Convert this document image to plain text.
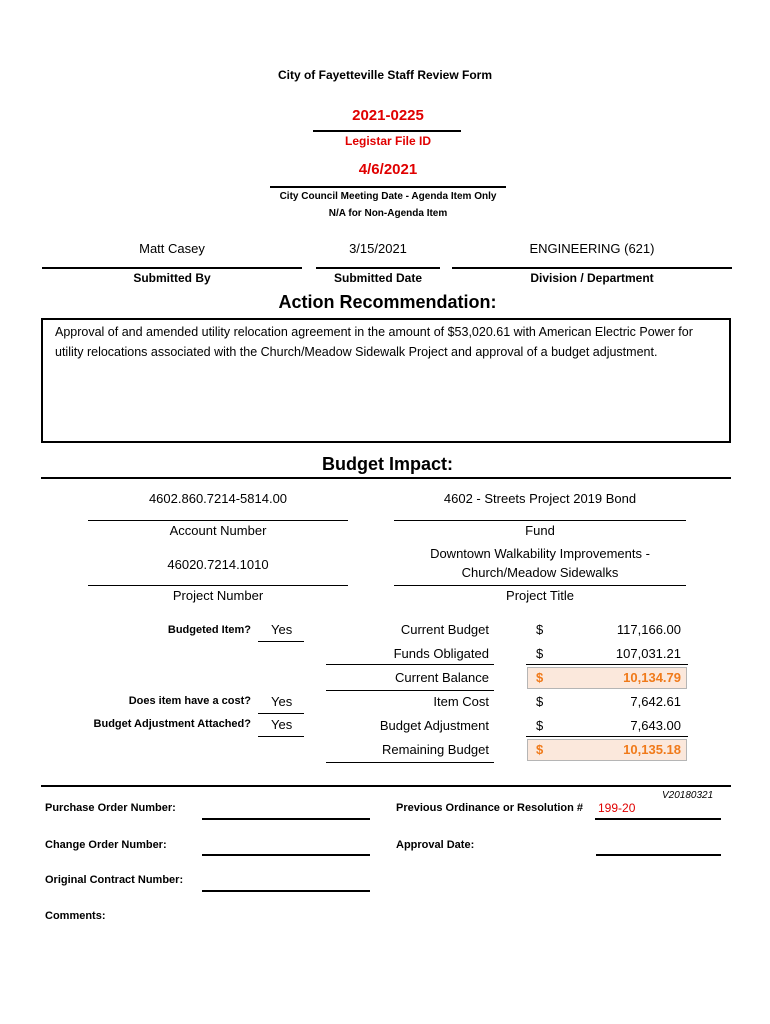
City of Fayetteville Staff Review Form
2021-0225
Legistar File ID
4/6/2021
City Council Meeting Date - Agenda Item Only
N/A for Non-Agenda Item
Matt Casey
Submitted By
3/15/2021
Submitted Date
ENGINEERING (621)
Division / Department
Action Recommendation:
Approval of and amended utility relocation agreement in the amount of $53,020.61 with American Electric Power for utility relocations associated with the Church/Meadow Sidewalk Project and approval of a budget adjustment.
Budget Impact:
4602.860.7214-5814.00
Account Number
4602 - Streets Project 2019 Bond
Fund
46020.7214.1010
Project Number
Downtown Walkability Improvements -
Church/Meadow Sidewalks
Project Title
Budgeted Item? Yes
Does item have a cost? Yes
Budget Adjustment Attached? Yes
Current Budget	$	117,166.00
Funds Obligated	$	107,031.21
Current Balance	$	10,134.79
Item Cost	$	7,642.61
Budget Adjustment	$	7,643.00
Remaining Budget	$	10,135.18
V20180321
Purchase Order Number:	Previous Ordinance or Resolution # 199-20
Change Order Number:	Approval Date:
Original Contract Number:
Comments:
